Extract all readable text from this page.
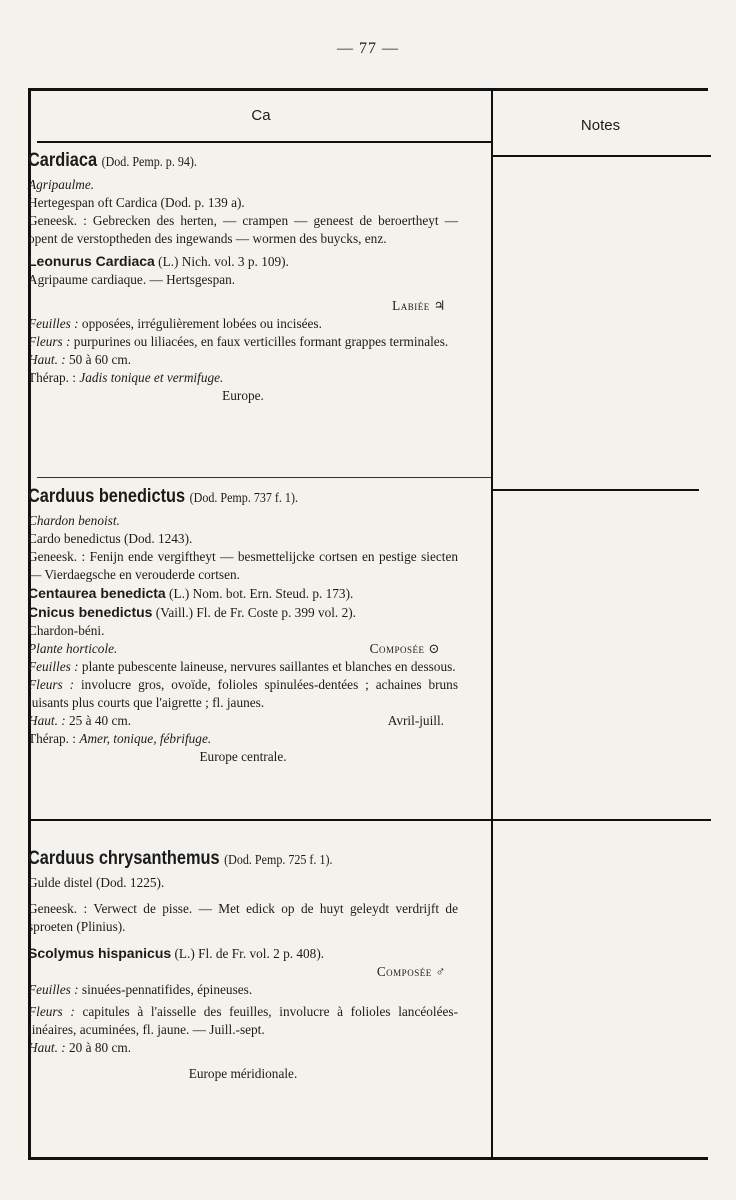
— 77 —
Ca
Notes

Cardiaca (Dod. Pemp. p. 94).

Agripaulme.

Hertegespan oft Cardica (Dod. p. 139 a).

Geneesk. : Gebrecken des herten, — crampen — geneest de beroertheyt — opent de verstoptheden des ingewands — wormen des buycks, enz.

Leonurus Cardiaca (L.) Nich. vol. 3 p. 109).

Agripaume cardiaque. — Hertsgespan.

Labiée ♃

Feuilles : opposées, irrégulièrement lobées ou incisées.

Fleurs : purpurines ou liliacées, en faux verticilles formant grappes terminales.

Haut. : 50 à 60 cm.

Thérap. : Jadis tonique et vermifuge.

Europe.

Carduus benedictus (Dod. Pemp. 737 f. 1).

Chardon benoist.

Cardo benedictus (Dod. 1243).

Geneesk. : Fenijn ende vergiftheyt — besmettelijcke cortsen en pestige siecten — Vierdaegsche en verouderde cortsen.

Centaurea benedicta (L.) Nom. bot. Ern. Steud. p. 173).

Cnicus benedictus (Vaill.) Fl. de Fr. Coste p. 399 vol. 2).

Chardon-béni.

Plante horticole.	Composée ⊙

Feuilles : plante pubescente laineuse, nervures saillantes et blanches en dessous.

Fleurs : involucre gros, ovoïde, folioles spinulées-dentées ; achaines bruns luisants plus courts que l'aigrette ; fl. jaunes.

Haut. : 25 à 40 cm.	Avril-juill.

Thérap. : Amer, tonique, fébrifuge.

Europe centrale.

Carduus chrysanthemus (Dod. Pemp. 725 f. 1).

Gulde distel (Dod. 1225).

Geneesk. : Verwect de pisse. — Met edick op de huyt geleydt verdrijft de sproeten (Plinius).

Scolymus hispanicus (L.) Fl. de Fr. vol. 2 p. 408).

Composée ♂

Feuilles : sinuées-pennatifides, épineuses.

Fleurs : capitules à l'aisselle des feuilles, involucre à folioles lancéolées-linéaires, acuminées, fl. jaune. — Juill.-sept.

Haut. : 20 à 80 cm.

Europe méridionale.
